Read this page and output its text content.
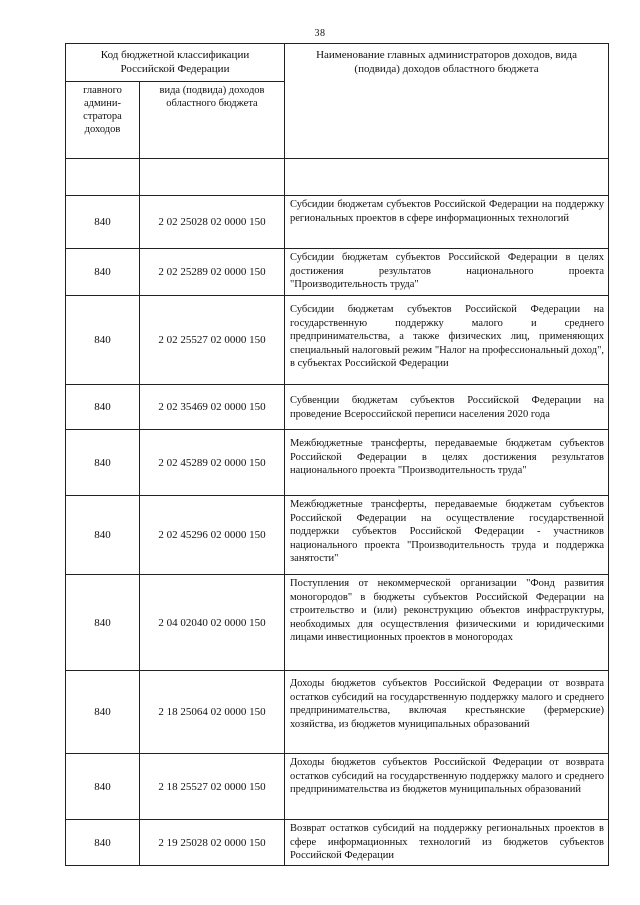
38
Код бюджетной классификации Российской Федерации		Наименование главных администраторов доходов, вида (подвида) доходов областного бюджета

главного админи-стратора доходов	вида (подвида) доходов областного бюджета	

840	2 02 25028 02 0000 150	Субсидии бюджетам субъектов Российской Федерации на поддержку региональных проектов в сфере информационных технологий

840	2 02 25289 02 0000 150	Субсидии бюджетам субъектов Российской Федерации в целях достижения результатов национального проекта "Производительность труда"

840	2 02 25527 02 0000 150	Субсидии бюджетам субъектов Российской Федерации на государственную поддержку малого и среднего предпринимательства, а также физических лиц, применяющих специальный налоговый режим "Налог на профессиональный доход", в субъектах Российской Федерации

840	2 02 35469 02 0000 150	Субвенции бюджетам субъектов Российской Федерации на проведение Всероссийской переписи населения 2020 года

840	2 02 45289 02 0000 150	Межбюджетные трансферты, передаваемые бюджетам субъектов Российской Федерации в целях достижения результатов национального проекта "Производительность труда"

840	2 02 45296 02 0000 150	Межбюджетные трансферты, передаваемые бюджетам субъектов Российской Федерации на осуществление государственной поддержки субъектов Российской Федерации - участников национального проекта "Производительность труда и поддержка занятости"

840	2 04 02040 02 0000 150	Поступления от некоммерческой организации "Фонд развития моногородов" в бюджеты субъектов Российской Федерации на строительство и (или) реконструкцию объектов инфраструктуры, необходимых для осуществления физическими и юридическими лицами инвестиционных проектов в моногородах

840	2 18 25064 02 0000 150	Доходы бюджетов субъектов Российской Федерации от возврата остатков субсидий на государственную поддержку малого и среднего предпринимательства, включая крестьянские (фермерские) хозяйства, из бюджетов муниципальных образований

840	2 18 25527 02 0000 150	Доходы бюджетов субъектов Российской Федерации от возврата остатков субсидий на государственную поддержку малого и среднего предпринимательства из бюджетов муниципальных образований

840	2 19 25028 02 0000 150	Возврат остатков субсидий на поддержку региональных проектов в сфере информационных технологий из бюджетов субъектов Российской Федерации
